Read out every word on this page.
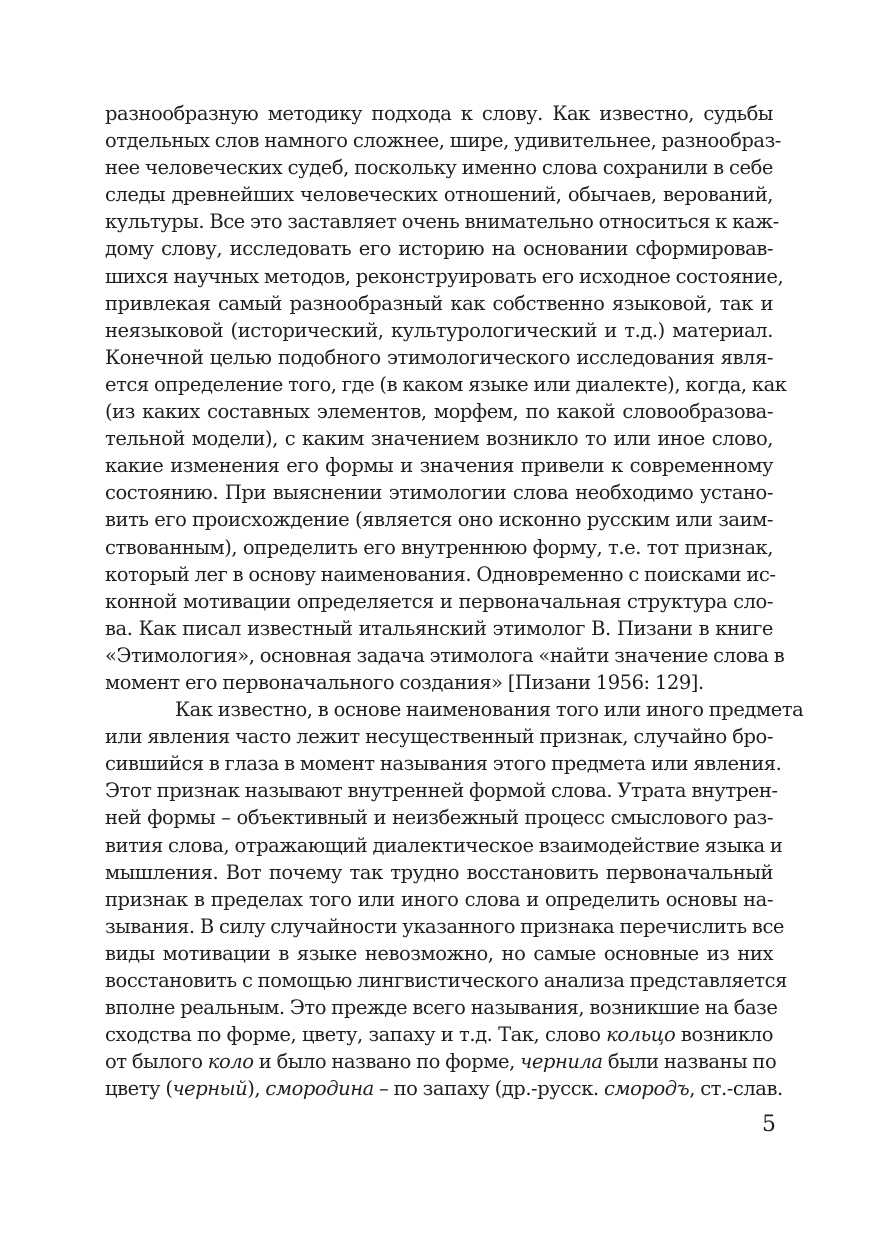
разнообразную методику подхода к слову. Как известно, судьбы
отдельных слов намного сложнее, шире, удивительнее, разнообраз-
нее человеческих судеб, поскольку именно слова сохранили в себе
следы древнейших человеческих отношений, обычаев, верований,
культуры. Все это заставляет очень внимательно относиться к каж-
дому слову, исследовать его историю на основании сформировав-
шихся научных методов, реконструировать его исходное состояние,
привлекая самый разнообразный как собственно языковой, так и
неязыковой (исторический, культурологический и т.д.) материал.
Конечной целью подобного этимологического исследования явля-
ется определение того, где (в каком языке или диалекте), когда, как
(из каких составных элементов, морфем, по какой словообразова-
тельной модели), с каким значением возникло то или иное слово,
какие изменения его формы и значения привели к современному
состоянию. При выяснении этимологии слова необходимо устано-
вить его происхождение (является оно исконно русским или заим-
ствованным), определить его внутреннюю форму, т.е. тот признак,
который лег в основу наименования. Одновременно с поисками ис-
конной мотивации определяется и первоначальная структура сло-
ва. Как писал известный итальянский этимолог В. Пизани в книге
«Этимология», основная задача этимолога «найти значение слова в
момент его первоначального создания» [Пизани 1956: 129].

Как известно, в основе наименования того или иного предмета
или явления часто лежит несущественный признак, случайно бро-
сившийся в глаза в момент называния этого предмета или явления.
Этот признак называют внутренней формой слова. Утрата внутрен-
ней формы – объективный и неизбежный процесс смыслового раз-
вития слова, отражающий диалектическое взаимодействие языка и
мышления. Вот почему так трудно восстановить первоначальный
признак в пределах того или иного слова и определить основы на-
зывания. В силу случайности указанного признака перечислить все
виды мотивации в языке невозможно, но самые основные из них
восстановить с помощью лингвистического анализа представляется
вполне реальным. Это прежде всего называния, возникшие на базе
сходства по форме, цвету, запаху и т.д. Так, слово кольцо возникло
от былого коло и было названо по форме, чернила были названы по
цвету (черный), смородина – по запаху (др.-русск. смородъ, ст.-слав.

5
